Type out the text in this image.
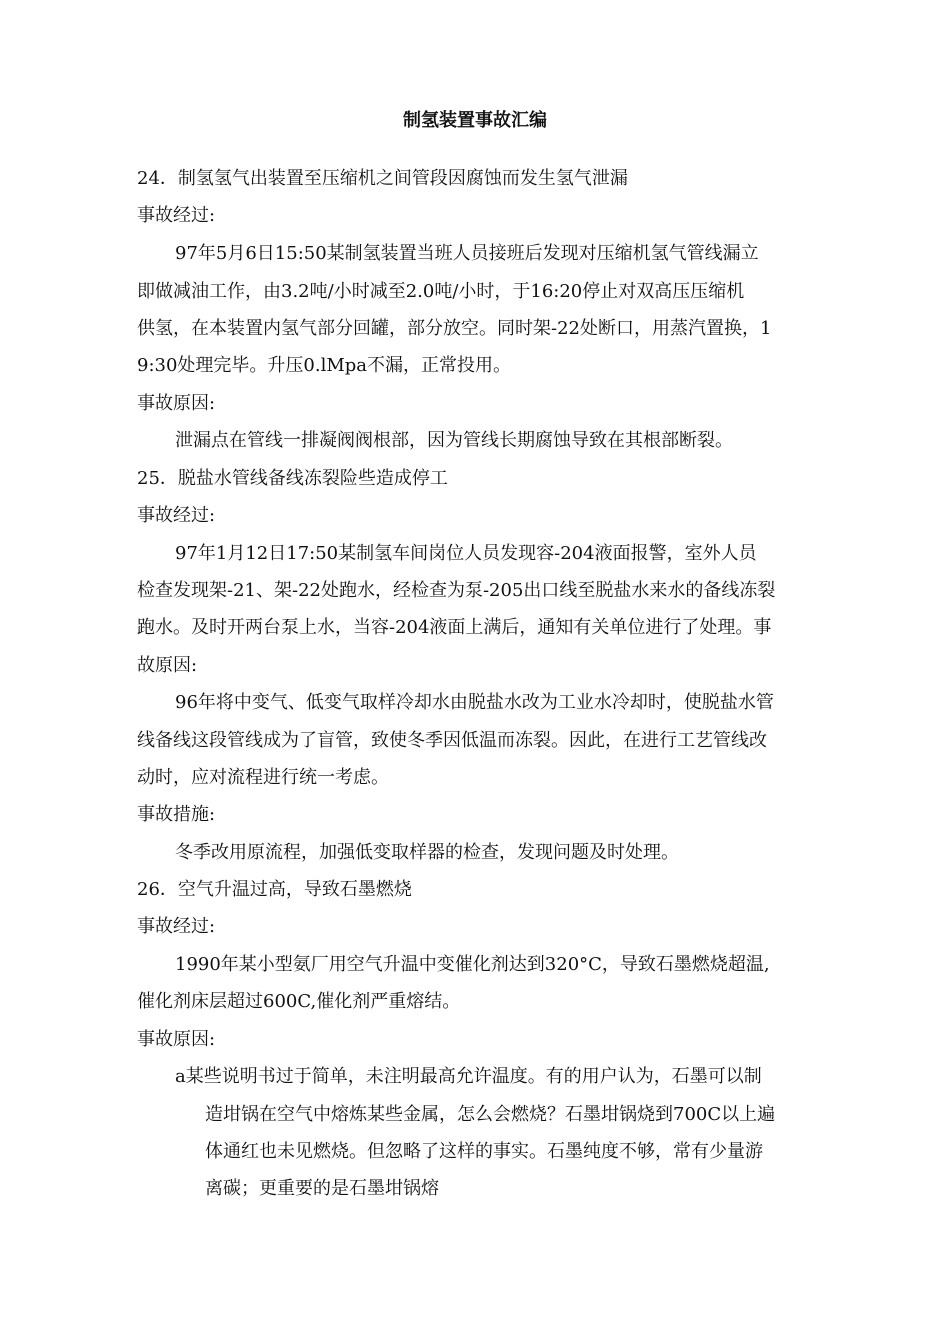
制氢装置事故汇编
24．制氢氢气出装置至压缩机之间管段因腐蚀而发生氢气泄漏
事故经过:
97年5月6日15:50某制氢装置当班人员接班后发现对压缩机氢气管线漏立
即做减油工作，由3.2吨/小时减至2.0吨/小时，于16:20停止对双高压压缩机
供氢，在本装置内氢气部分回罐，部分放空。同时架-22处断口，用蒸汽置换，1
9:30处理完毕。升压0.lMpa不漏，正常投用。
事故原因:
泄漏点在管线一排凝阀阀根部，因为管线长期腐蚀导致在其根部断裂。
25．脱盐水管线备线冻裂险些造成停工
事故经过:
97年1月12日17:50某制氢车间岗位人员发现容-204液面报警，室外人员
检查发现架-21、架-22处跑水，经检查为泵-205出口线至脱盐水来水的备线冻裂
跑水。及时开两台泵上水，当容-204液面上满后，通知有关单位进行了处理。事
故原因:
96年将中变气、低变气取样冷却水由脱盐水改为工业水冷却时，使脱盐水管
线备线这段管线成为了盲管，致使冬季因低温而冻裂。因此，在进行工艺管线改
动时，应对流程进行统一考虑。
事故措施:
冬季改用原流程，加强低变取样器的检查，发现问题及时处理。
26．空气升温过高，导致石墨燃烧
事故经过:
1990年某小型氨厂用空气升温中变催化剂达到320°C，导致石墨燃烧超温,
催化剂床层超过600C,催化剂严重熔结。
事故原因:
a某些说明书过于简单，未注明最高允许温度。有的用户认为，石墨可以制
造坩锅在空气中熔炼某些金属，怎么会燃烧？石墨坩锅烧到700C以上遍
体通红也未见燃烧。但忽略了这样的事实。石墨纯度不够，常有少量游
离碳；更重要的是石墨坩锅熔
